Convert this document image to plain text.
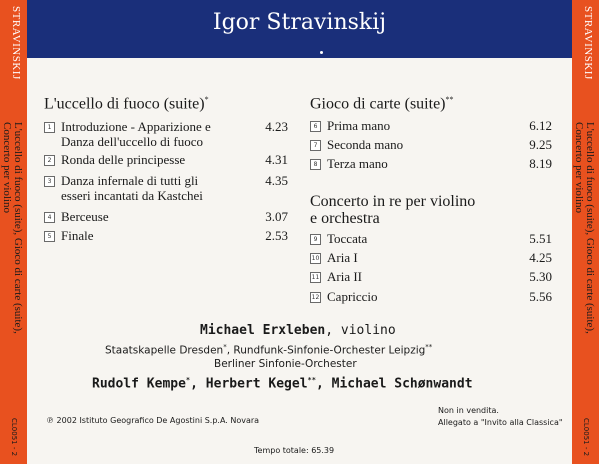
STRAVINSKIJ
L'uccello di fuoco (suite), Gioco di carte (suite),
Concerto per violino
CL0051 - 2
STRAVINSKIJ
L'uccello di fuoco (suite), Gioco di carte (suite),
Concerto per violino
CL0051 - 2
Igor Stravinskij
L'uccello di fuoco (suite)*
1 Introduzione - Apparizione e
Danza dell'uccello di fuoco
4.23
2 Ronda delle principesse	4.31
3 Danza infernale di tutti gli
esseri incantati da Kastchei
4.35
4 Berceuse	3.07
5 Finale	2.53
Gioco di carte (suite)**
6 Prima mano	6.12
7 Seconda mano	9.25
8 Terza mano	8.19
Concerto in re per violino
e orchestra
9 Toccata	5.51
10 Aria I	4.25
11 Aria II	5.30
12 Capriccio	5.56
Michael Erxleben, violino
Staatskapelle Dresden*, Rundfunk-Sinfonie-Orchester Leipzig**
Berliner Sinfonie-Orchester
Rudolf Kempe*, Herbert Kegel**, Michael Schønwandt
℗ 2002 Istituto Geografico De Agostini S.p.A. Novara
Non in vendita.
Allegato a "Invito alla Classica"
Tempo totale: 65.39
